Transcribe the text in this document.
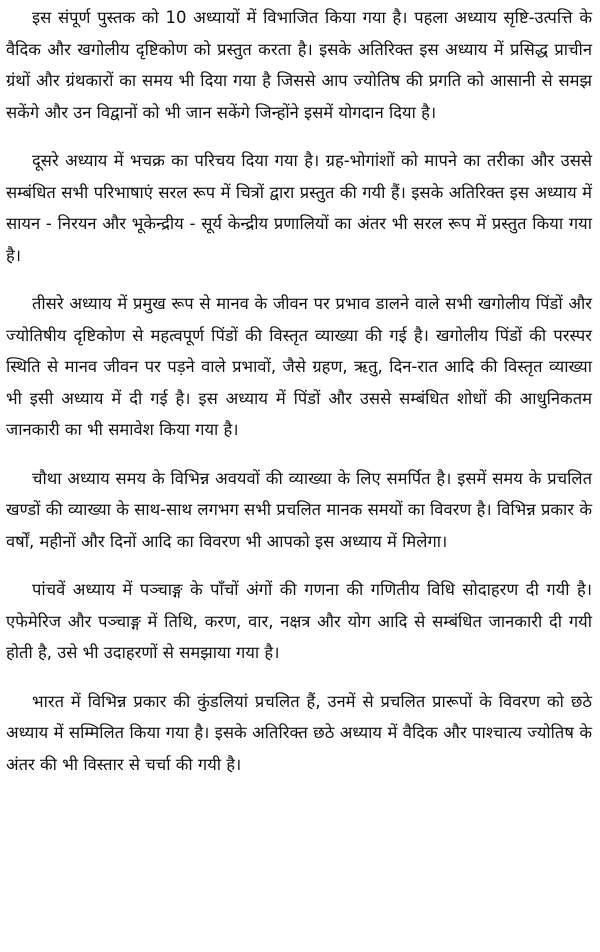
इस संपूर्ण पुस्तक को 10 अध्यायों में विभाजित किया गया है। पहला अध्याय सृष्टि-उत्पत्ति के वैदिक और खगोलीय दृष्टिकोण को प्रस्तुत करता है। इसके अतिरिक्त इस अध्याय में प्रसिद्ध प्राचीन ग्रंथों और ग्रंथकारों का समय भी दिया गया है जिससे आप ज्योतिष की प्रगति को आसानी से समझ सकेंगे और उन विद्वानों को भी जान सकेंगे जिन्होंने इसमें योगदान दिया है।

दूसरे अध्याय में भचक्र का परिचय दिया गया है। ग्रह-भोगांशों को मापने का तरीका और उससे सम्बंधित सभी परिभाषाएं सरल रूप में चित्रों द्वारा प्रस्तुत की गयी हैं। इसके अतिरिक्त इस अध्याय में सायन - निरयन और भूकेन्द्रीय - सूर्य केन्द्रीय प्रणालियों का अंतर भी सरल रूप में प्रस्तुत किया गया है।

तीसरे अध्याय में प्रमुख रूप से मानव के जीवन पर प्रभाव डालने वाले सभी खगोलीय पिंडों और ज्योतिषीय दृष्टिकोण से महत्वपूर्ण पिंडों की विस्तृत व्याख्या की गई है। खगोलीय पिंडों की परस्पर स्थिति से मानव जीवन पर पड़ने वाले प्रभावों, जैसे ग्रहण, ऋतु, दिन-रात आदि की विस्तृत व्याख्या भी इसी अध्याय में दी गई है। इस अध्याय में पिंडों और उससे सम्बंधित शोधों की आधुनिकतम जानकारी का भी समावेश किया गया है।

चौथा अध्याय समय के विभिन्न अवयवों की व्याख्या के लिए समर्पित है। इसमें समय के प्रचलित खण्डों की व्याख्या के साथ-साथ लगभग सभी प्रचलित मानक समयों का विवरण है। विभिन्न प्रकार के वर्षों, महीनों और दिनों आदि का विवरण भी आपको इस अध्याय में मिलेगा।

पांचवें अध्याय में पञ्चाङ्ग के पाँचों अंगों की गणना की गणितीय विधि सोदाहरण दी गयी है। एफेमेरिज और पञ्चाङ्ग में तिथि, करण, वार, नक्षत्र और योग आदि से सम्बंधित जानकारी दी गयी होती है, उसे भी उदाहरणों से समझाया गया है।

भारत में विभिन्न प्रकार की कुंडलियां प्रचलित हैं, उनमें से प्रचलित प्रारूपों के विवरण को छठे अध्याय में सम्मिलित किया गया है। इसके अतिरिक्त छठे अध्याय में वैदिक और पाश्चात्य ज्योतिष के अंतर की भी विस्तार से चर्चा की गयी है।
